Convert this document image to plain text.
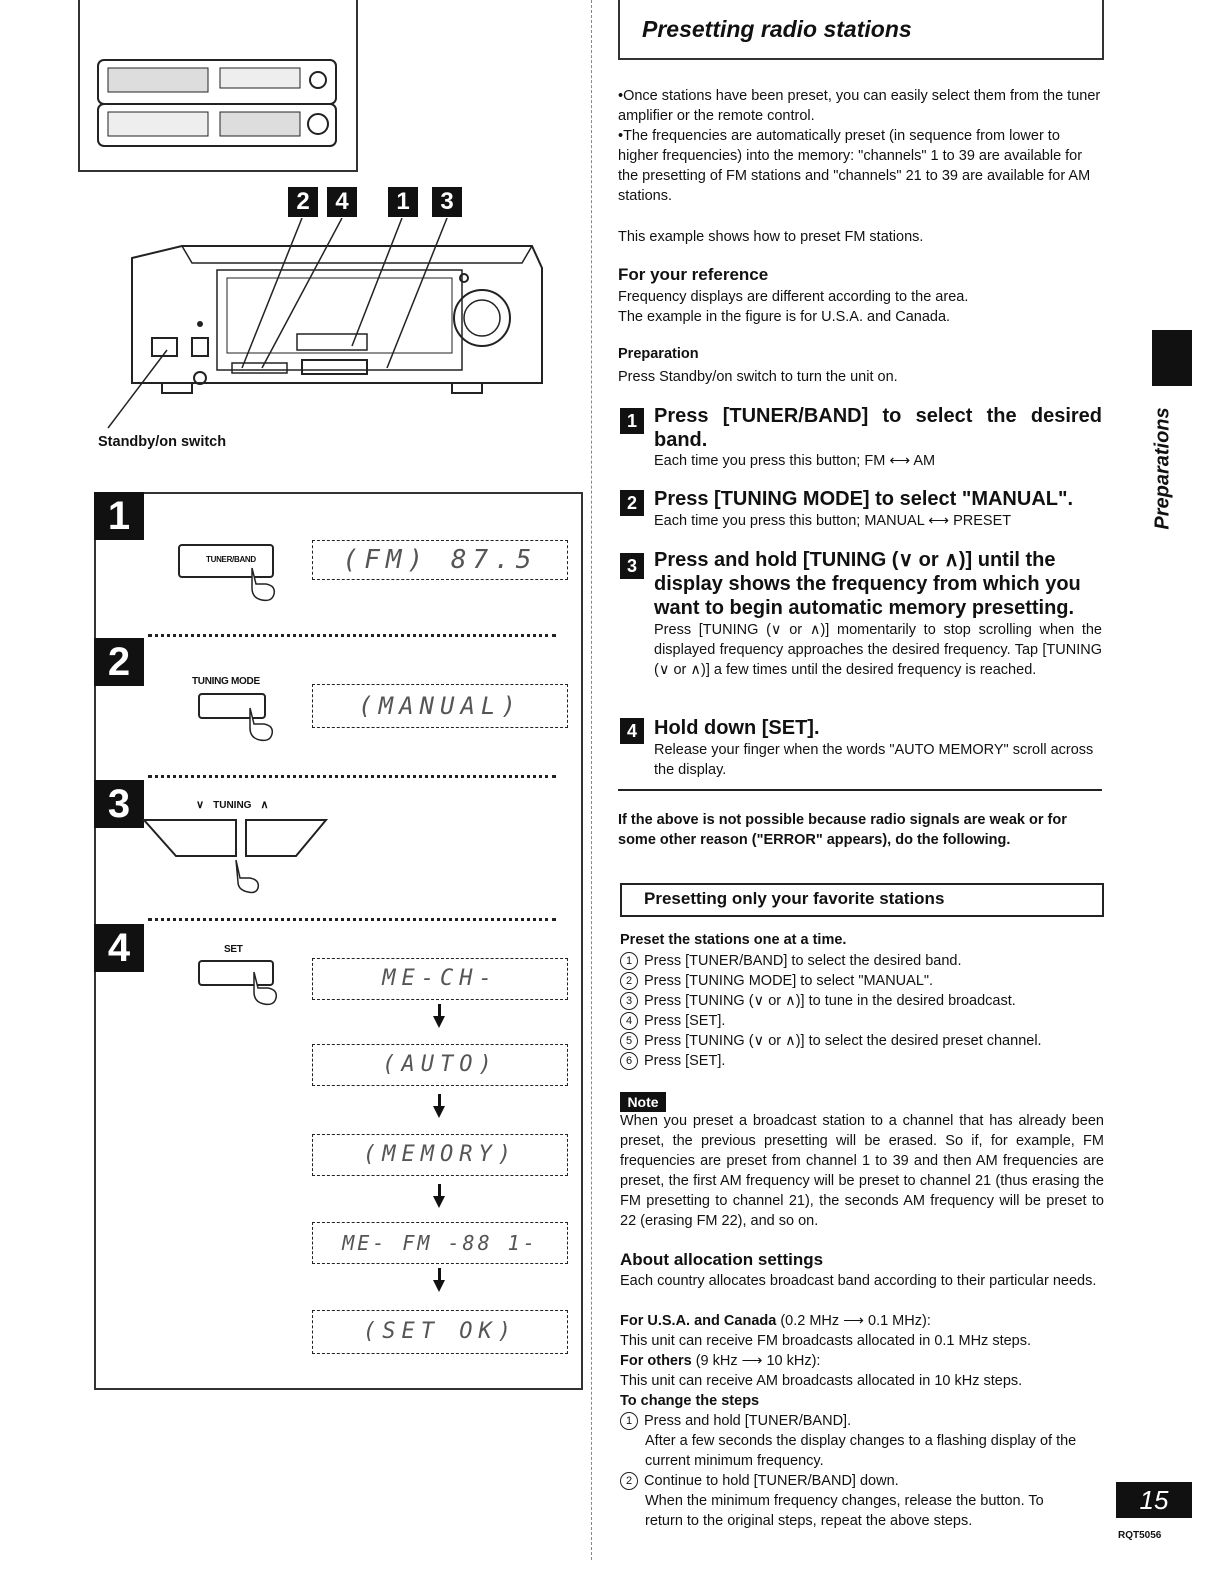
2	4	1	3
Standby/on switch
1
TUNER/BAND	(FM) 87.5
2	TUNING MODE
(MANUAL)
3	∨ TUNING ∧
4	SET
ME-CH-
(AUTO)
(MEMORY)
ME- FM -88 1-
(SET OK)
Presetting radio stations
•Once stations have been preset, you can easily select them from the tuner amplifier or the remote control.
•The frequencies are automatically preset (in sequence from lower to higher frequencies) into the memory: "channels" 1 to 39 are available for the presetting of FM stations and "channels" 21 to 39 are available for AM stations.
This example shows how to preset FM stations.
For your reference
Frequency displays are different according to the area.
The example in the figure is for U.S.A. and Canada.
Preparation
Press Standby/on switch to turn the unit on.
1 Press [TUNER/BAND] to select the desired band.
Each time you press this button; FM ⟷ AM
2 Press [TUNING MODE] to select "MANUAL".
Each time you press this button; MANUAL ⟷ PRESET
3 Press and hold [TUNING (∨ or ∧)] until the display shows the frequency from which you want to begin automatic memory presetting.
Press [TUNING (∨ or ∧)] momentarily to stop scrolling when the displayed frequency approaches the desired frequency. Tap [TUNING (∨ or ∧)] a few times until the desired frequency is reached.
4 Hold down [SET].
Release your finger when the words "AUTO MEMORY" scroll across the display.
If the above is not possible because radio signals are weak or for some other reason ("ERROR" appears), do the following.
Presetting only your favorite stations
Preset the stations one at a time.
1 Press [TUNER/BAND] to select the desired band.
2 Press [TUNING MODE] to select "MANUAL".
3 Press [TUNING (∨ or ∧)] to tune in the desired broadcast.
4 Press [SET].
5 Press [TUNING (∨ or ∧)] to select the desired preset channel.
6 Press [SET].
Note
When you preset a broadcast station to a channel that has already been preset, the previous presetting will be erased. So if, for example, FM frequencies are preset from channel 1 to 39 and then AM frequencies are preset, the first AM frequency will be preset to channel 21 (thus erasing the FM presetting to channel 21), the seconds AM frequency will be preset to 22 (erasing FM 22), and so on.
About allocation settings
Each country allocates broadcast band according to their particular needs.
For U.S.A. and Canada (0.2 MHz ⟶ 0.1 MHz):
This unit can receive FM broadcasts allocated in 0.1 MHz steps.
For others (9 kHz ⟶ 10 kHz):
This unit can receive AM broadcasts allocated in 10 kHz steps.
To change the steps
1 Press and hold [TUNER/BAND].
After a few seconds the display changes to a flashing display of the current minimum frequency.
2 Continue to hold [TUNER/BAND] down.
When the minimum frequency changes, release the button. To return to the original steps, repeat the above steps.
Preparations
15
RQT5056
